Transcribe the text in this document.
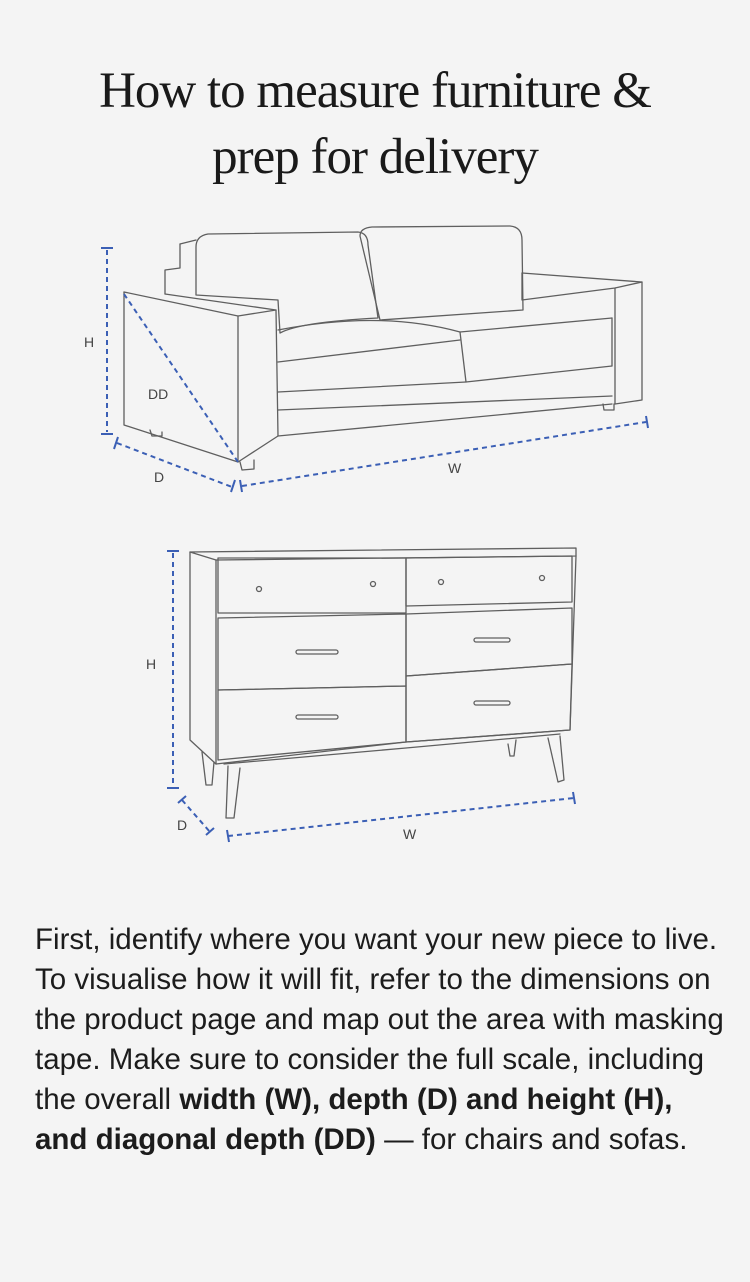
How to measure furniture &
prep for delivery
H
DD
D
W
H
D
W

First, identify where you want your new piece to live. To visualise how it will fit, refer to the dimensions on the product page and map out the area with masking tape. Make sure to consider the full scale, including the overall width (W), depth (D) and height (H), and diagonal depth (DD) — for chairs and sofas.
